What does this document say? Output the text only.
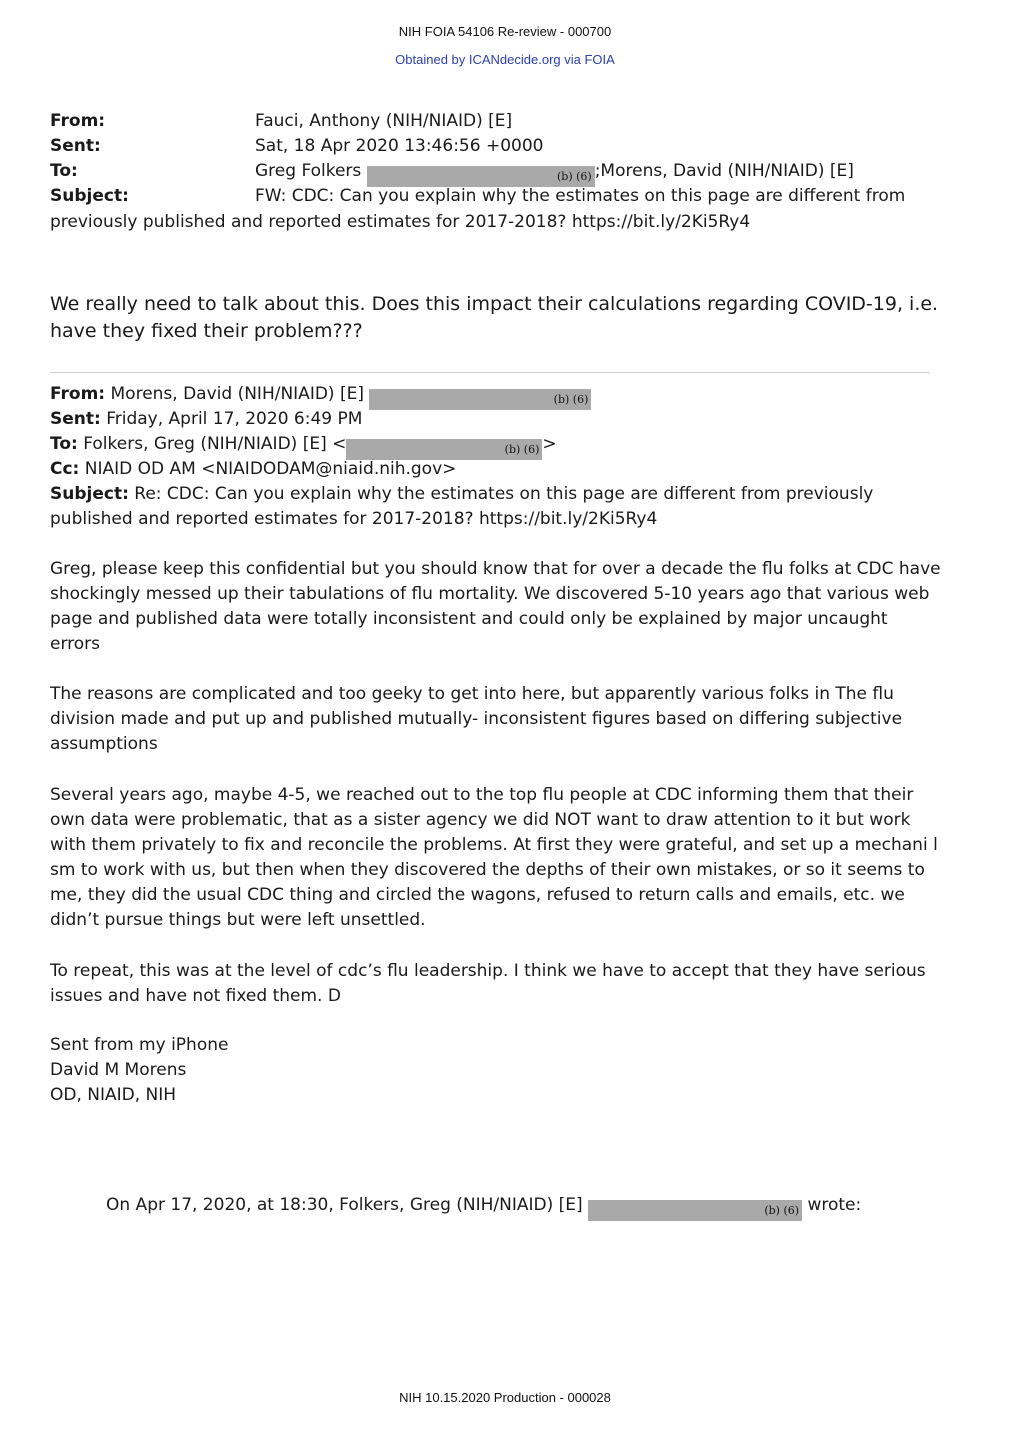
NIH FOIA 54106 Re-review - 000700
Obtained by ICANdecide.org via FOIA
From:	Fauci, Anthony (NIH/NIAID) [E]
Sent:	Sat, 18 Apr 2020 13:46:56 +0000
To:	Greg Folkers	(b) (6) ;Morens, David (NIH/NIAID) [E]
Subject:	FW: CDC: Can you explain why the estimates on this page are different from
previously published and reported estimates for 2017-2018? https://bit.ly/2Ki5Ry4
We really need to talk about this. Does this impact their calculations regarding COVID-19, i.e.
have they fixed their problem???
From: Morens, David (NIH/NIAID) [E]	(b) (6)
Sent: Friday, April 17, 2020 6:49 PM
To: Folkers, Greg (NIH/NIAID) [E] <	(b) (6) >
Cc: NIAID OD AM <NIAIDODAM@niaid.nih.gov>
Subject: Re: CDC: Can you explain why the estimates on this page are different from previously
published and reported estimates for 2017-2018? https://bit.ly/2Ki5Ry4
Greg, please keep this confidential but you should know that for over a decade the flu folks at CDC have
shockingly messed up their tabulations of flu mortality. We discovered 5-10 years ago that various web
page and published data were totally inconsistent and could only be explained by major uncaught
errors
The reasons are complicated and too geeky to get into here, but apparently various folks in The flu
division made and put up and published mutually- inconsistent figures based on differing subjective
assumptions
Several years ago, maybe 4-5, we reached out to the top flu people at CDC informing them that their
own data were problematic, that as a sister agency we did NOT want to draw attention to it but work
with them privately to fix and reconcile the problems. At first they were grateful, and set up a mechani l
sm to work with us, but then when they discovered the depths of their own mistakes, or so it seems to
me, they did the usual CDC thing and circled the wagons, refused to return calls and emails, etc. we
didn’t pursue things but were left unsettled.
To repeat, this was at the level of cdc’s flu leadership. I think we have to accept that they have serious
issues and have not fixed them. D
Sent from my iPhone
David M Morens
OD, NIAID, NIH
On Apr 17, 2020, at 18:30, Folkers, Greg (NIH/NIAID) [E]	(b) (6) wrote:
NIH 10.15.2020 Production - 000028
